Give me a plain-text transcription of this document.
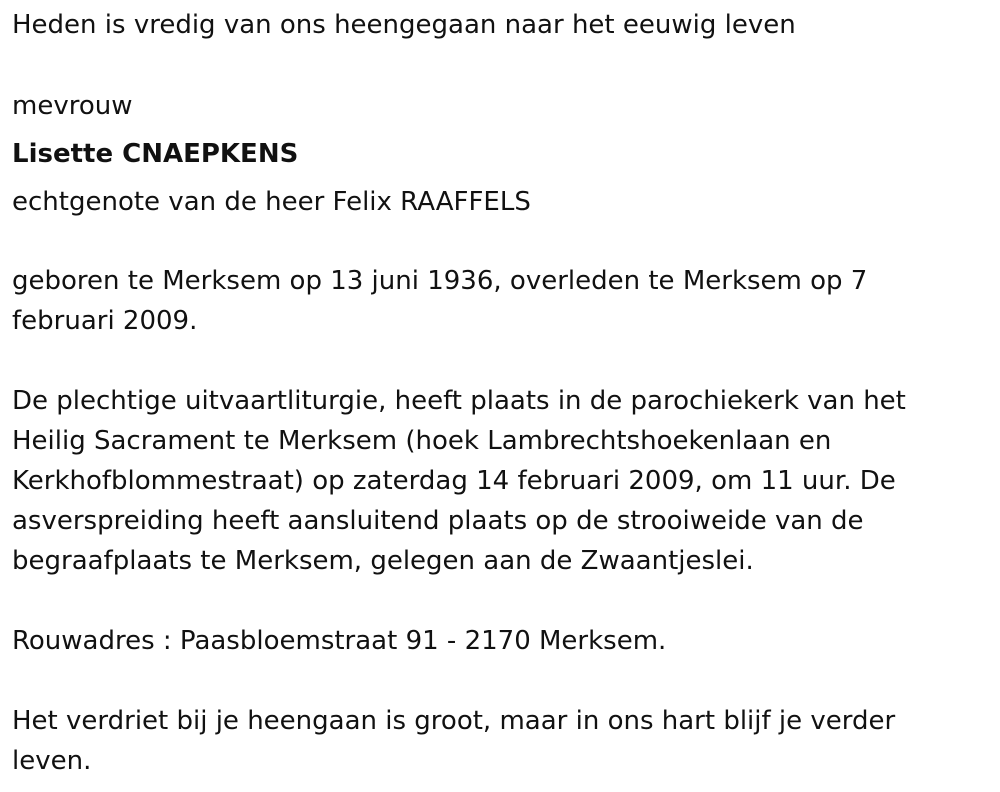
Heden is vredig van ons heengegaan naar het eeuwig leven
mevrouw
Lisette CNAEPKENS
echtgenote van de heer Felix RAAFFELS
geboren te Merksem op 13 juni 1936, overleden te Merksem op 7
februari 2009.
De plechtige uitvaartliturgie, heeft plaats in de parochiekerk van het
Heilig Sacrament te Merksem (hoek Lambrechtshoekenlaan en
Kerkhofblommestraat) op zaterdag 14 februari 2009, om 11 uur. De
asverspreiding heeft aansluitend plaats op de strooiweide van de
begraafplaats te Merksem, gelegen aan de Zwaantjeslei.
Rouwadres : Paasbloemstraat 91 - 2170 Merksem.
Het verdriet bij je heengaan is groot, maar in ons hart blijf je verder
leven.
